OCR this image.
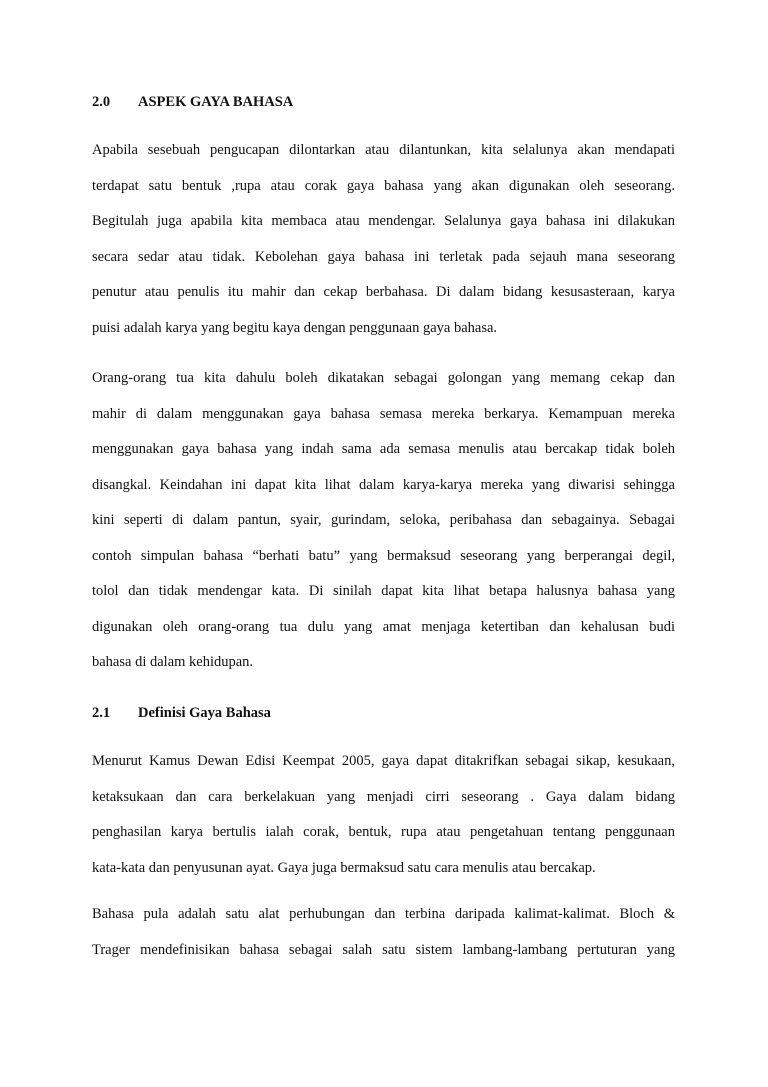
2.0 ASPEK GAYA BAHASA
Apabila sesebuah pengucapan dilontarkan atau dilantunkan, kita selalunya akan mendapati
terdapat satu bentuk ,rupa atau corak gaya bahasa yang akan digunakan oleh seseorang.
Begitulah juga apabila kita membaca atau mendengar. Selalunya gaya bahasa ini dilakukan
secara sedar atau tidak. Kebolehan gaya bahasa ini terletak pada sejauh mana seseorang
penutur atau penulis itu mahir dan cekap berbahasa. Di dalam bidang kesusasteraan, karya
puisi adalah karya yang begitu kaya dengan penggunaan gaya bahasa.
Orang-orang tua kita dahulu boleh dikatakan sebagai golongan yang memang cekap dan
mahir di dalam menggunakan gaya bahasa semasa mereka berkarya. Kemampuan mereka
menggunakan gaya bahasa yang indah sama ada semasa menulis atau bercakap tidak boleh
disangkal. Keindahan ini dapat kita lihat dalam karya-karya mereka yang diwarisi sehingga
kini seperti di dalam pantun, syair, gurindam, seloka, peribahasa dan sebagainya. Sebagai
contoh simpulan bahasa “berhati batu” yang bermaksud seseorang yang berperangai degil,
tolol dan tidak mendengar kata. Di sinilah dapat kita lihat betapa halusnya bahasa yang
digunakan oleh orang-orang tua dulu yang amat menjaga ketertiban dan kehalusan budi
bahasa di dalam kehidupan.
2.1 Definisi Gaya Bahasa
Menurut Kamus Dewan Edisi Keempat 2005, gaya dapat ditakrifkan sebagai sikap, kesukaan,
ketaksukaan dan cara berkelakuan yang menjadi cirri seseorang . Gaya dalam bidang
penghasilan karya bertulis ialah corak, bentuk, rupa atau pengetahuan tentang penggunaan
kata-kata dan penyusunan ayat. Gaya juga bermaksud satu cara menulis atau bercakap.
Bahasa pula adalah satu alat perhubungan dan terbina daripada kalimat-kalimat. Bloch &
Trager mendefinisikan bahasa sebagai salah satu sistem lambang-lambang pertuturan yang
